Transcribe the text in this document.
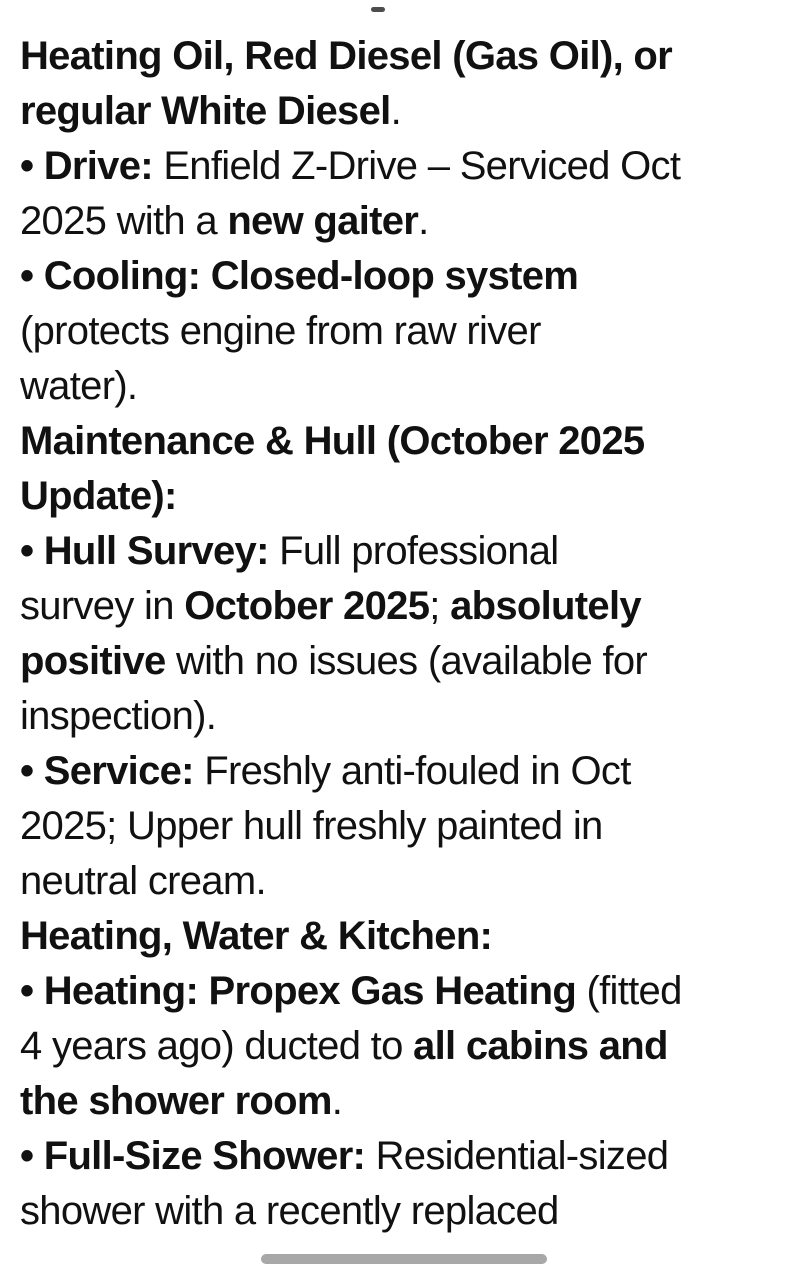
Heating Oil, Red Diesel (Gas Oil), or
regular White Diesel.
• Drive: Enfield Z-Drive – Serviced Oct
2025 with a new gaiter.
• Cooling: Closed-loop system
(protects engine from raw river
water).
Maintenance & Hull (October 2025
Update):
• Hull Survey: Full professional
survey in October 2025; absolutely
positive with no issues (available for
inspection).
• Service: Freshly anti-fouled in Oct
2025; Upper hull freshly painted in
neutral cream.
Heating, Water & Kitchen:
• Heating: Propex Gas Heating (fitted
4 years ago) ducted to all cabins and
the shower room.
• Full-Size Shower: Residential-sized
shower with a recently replaced
